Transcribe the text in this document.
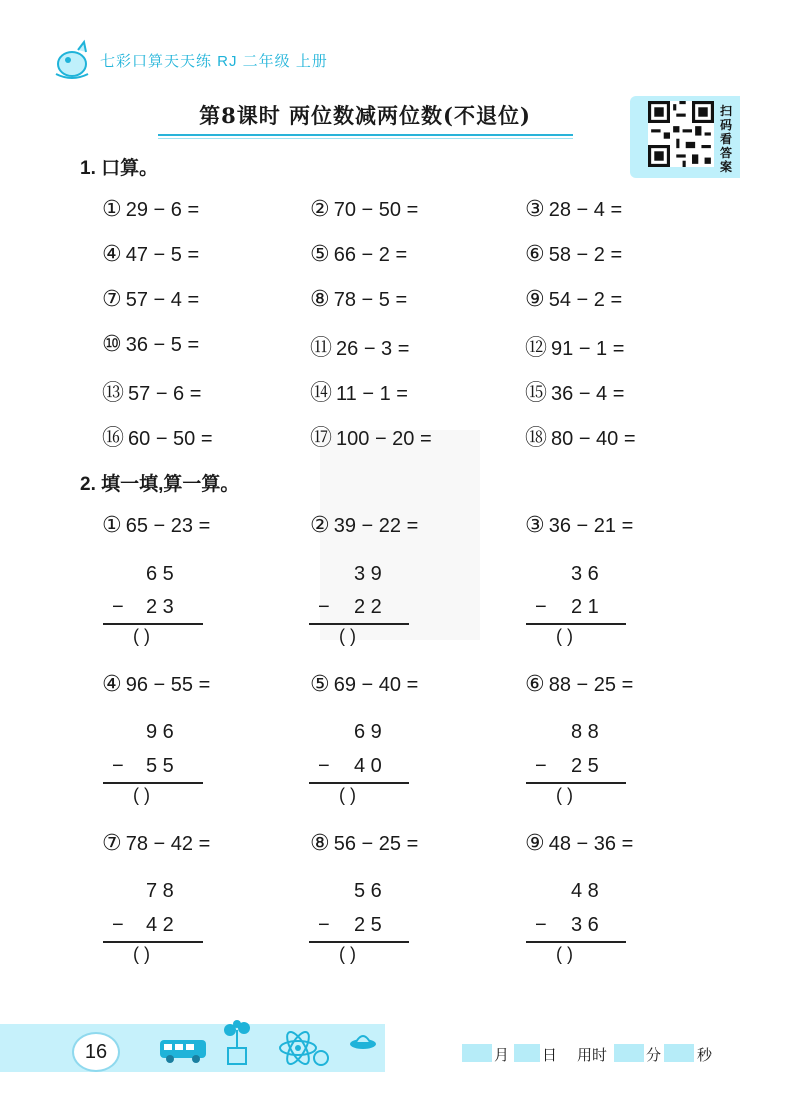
七彩口算天天练 RJ 二年级 上册
第8课时 两位数减两位数(不退位)	扫码看答案
1. 口算。
① 29 − 6 =	② 70 − 50 =	③ 28 − 4 =
④ 47 − 5 =	⑤ 66 − 2 =	⑥ 58 − 2 =
⑦ 57 − 4 =	⑧ 78 − 5 =	⑨ 54 − 2 =
⑩ 36 − 5 =	⑪ 26 − 3 =	⑫ 91 − 1 =
⑬ 57 − 6 =	⑭ 11 − 1 =	⑮ 36 − 4 =
⑯ 60 − 50 =	⑰ 100 − 20 =	⑱ 80 − 40 =
2. 填一填,算一算。
① 65 − 23 =	② 39 − 22 =	③ 36 − 21 =
6 5
− 2 3
( )
3 9
− 2 2
( )
3 6
− 2 1
( )
④ 96 − 55 =	⑤ 69 − 40 =	⑥ 88 − 25 =
9 6
− 5 5
( )
6 9
− 4 0
( )
8 8
− 2 5
( )
⑦ 78 − 42 =	⑧ 56 − 25 =	⑨ 48 − 36 =
7 8
− 4 2
( )
5 6
− 2 5
( )
4 8
− 3 6
( )
16	月 日 用时	分 秒
